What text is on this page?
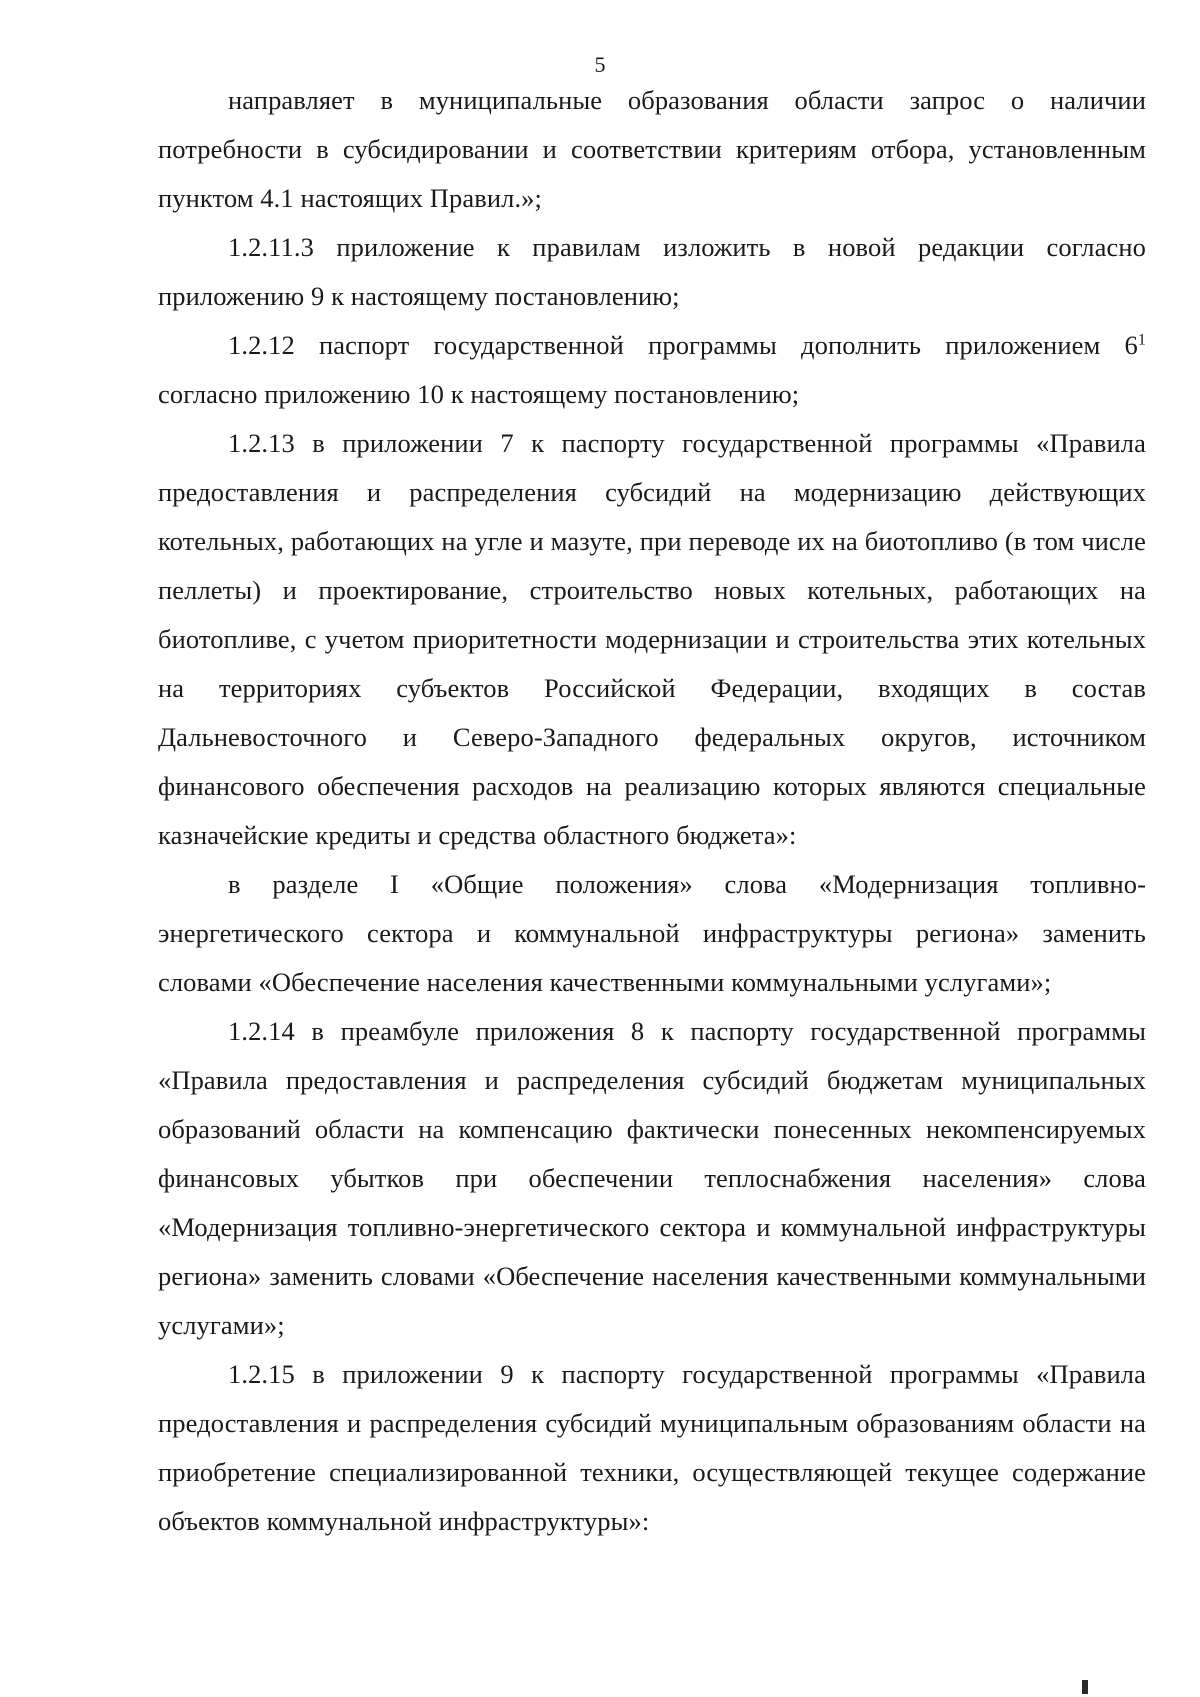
5

направляет в муниципальные образования области запрос о наличии потребности в субсидировании и соответствии критериям отбора, установленным пунктом 4.1 настоящих Правил.»;

1.2.11.3 приложение к правилам изложить в новой редакции согласно приложению 9 к настоящему постановлению;

1.2.12 паспорт государственной программы дополнить приложением $6^1$ согласно приложению 10 к настоящему постановлению;

1.2.13 в приложении 7 к паспорту государственной программы «Правила предоставления и распределения субсидий на модернизацию действующих котельных, работающих на угле и мазуте, при переводе их на биотопливо (в том числе пеллеты) и проектирование, строительство новых котельных, работающих на биотопливе, с учетом приоритетности модернизации и строительства этих котельных на территориях субъектов Российской Федерации, входящих в состав Дальневосточного и Северо-Западного федеральных округов, источником финансового обеспечения расходов на реализацию которых являются специальные казначейские кредиты и средства областного бюджета»:

в разделе I «Общие положения» слова «Модернизация топливно-энергетического сектора и коммунальной инфраструктуры региона» заменить словами «Обеспечение населения качественными коммунальными услугами»;

1.2.14 в преамбуле приложения 8 к паспорту государственной программы «Правила предоставления и распределения субсидий бюджетам муниципальных образований области на компенсацию фактически понесенных некомпенсируемых финансовых убытков при обеспечении теплоснабжения населения» слова «Модернизация топливно-энергетического сектора и коммунальной инфраструктуры региона» заменить словами «Обеспечение населения качественными коммунальными услугами»;

1.2.15 в приложении 9 к паспорту государственной программы «Правила предоставления и распределения субсидий муниципальным образованиям области на приобретение специализированной техники, осуществляющей текущее содержание объектов коммунальной инфраструктуры»:
